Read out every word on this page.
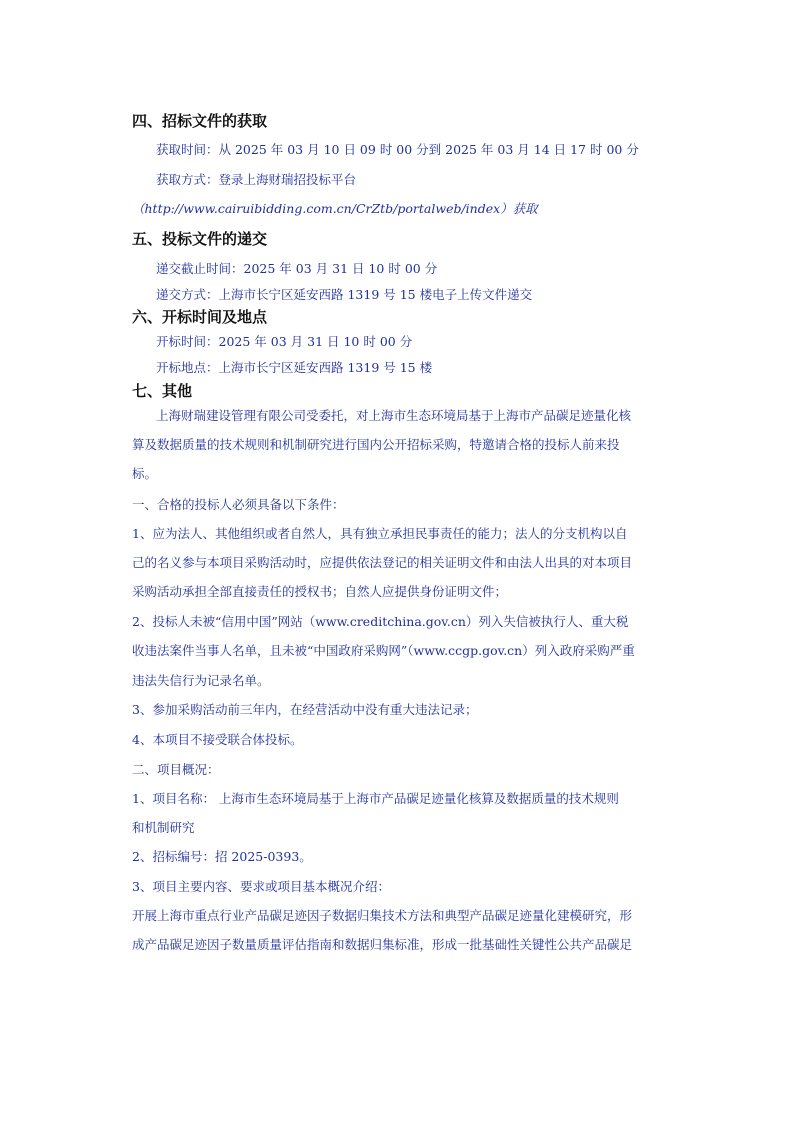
四、招标文件的获取
获取时间：从 2025 年 03 月 10 日 09 时 00 分到 2025 年 03 月 14 日 17 时 00 分
获取方式：登录上海财瑞招投标平台
（http://www.cairuibidding.com.cn/CrZtb/portalweb/index）获取
五、投标文件的递交
递交截止时间：2025 年 03 月 31 日 10 时 00 分
递交方式：上海市长宁区延安西路 1319 号 15 楼电子上传文件递交
六、开标时间及地点
开标时间：2025 年 03 月 31 日 10 时 00 分
开标地点：上海市长宁区延安西路 1319 号 15 楼
七、其他
上海财瑞建设管理有限公司受委托，对上海市生态环境局基于上海市产品碳足迹量化核
算及数据质量的技术规则和机制研究进行国内公开招标采购，特邀请合格的投标人前来投
标。
一、合格的投标人必须具备以下条件：
1、应为法人、其他组织或者自然人，具有独立承担民事责任的能力；法人的分支机构以自
己的名义参与本项目采购活动时，应提供依法登记的相关证明文件和由法人出具的对本项目
采购活动承担全部直接责任的授权书；自然人应提供身份证明文件；
2、投标人未被“信用中国”网站（www.creditchina.gov.cn）列入失信被执行人、重大税
收违法案件当事人名单，且未被“中国政府采购网”（www.ccgp.gov.cn）列入政府采购严重
违法失信行为记录名单。
3、参加采购活动前三年内，在经营活动中没有重大违法记录；
4、本项目不接受联合体投标。
二、项目概况：
1、项目名称： 上海市生态环境局基于上海市产品碳足迹量化核算及数据质量的技术规则
和机制研究
2、招标编号：招 2025-0393。
3、项目主要内容、要求或项目基本概况介绍：
开展上海市重点行业产品碳足迹因子数据归集技术方法和典型产品碳足迹量化建模研究，形
成产品碳足迹因子数量质量评估指南和数据归集标准，形成一批基础性关键性公共产品碳足
